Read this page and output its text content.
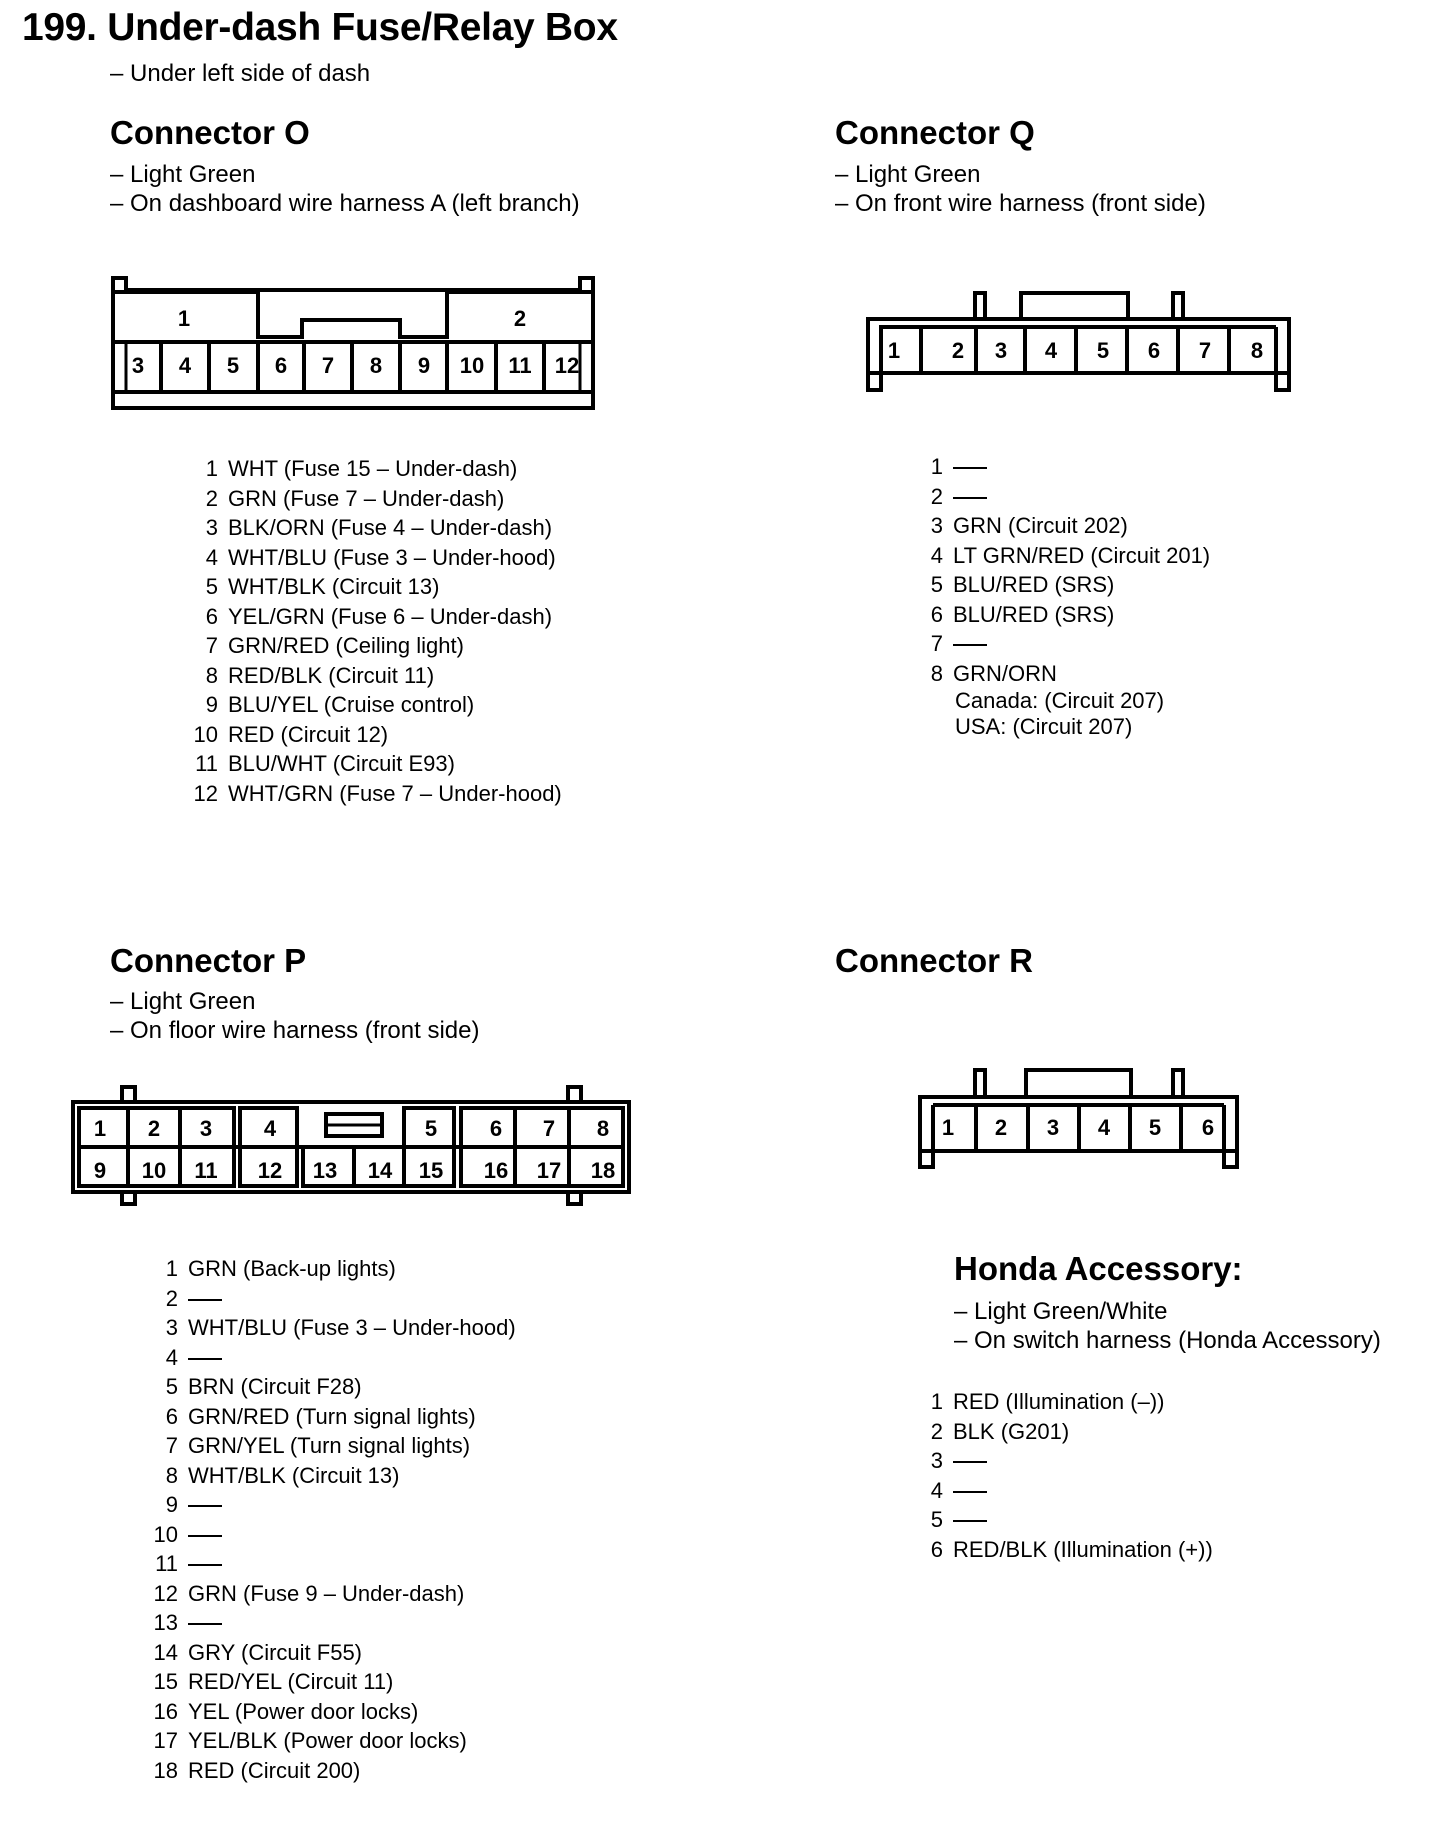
199. Under-dash Fuse/Relay Box
– Under left side of dash
Connector O
– Light Green
– On dashboard wire harness A (left branch)
1	2
3 4 5 6 7 8 9 10 11 12
1 2 3 4 5 6 7 8
1 2 3 4	5 6 7 8
9 10 11 12 13 14 15 16 17 18
1 2 3 4 5 6
1 WHT (Fuse 15 – Under-dash)
2 GRN (Fuse 7 – Under-dash)
3 BLK/ORN (Fuse 4 – Under-dash)
4 WHT/BLU (Fuse 3 – Under-hood)
5 WHT/BLK (Circuit 13)
6 YEL/GRN (Fuse 6 – Under-dash)
7 GRN/RED (Ceiling light)
8 RED/BLK (Circuit 11)
9 BLU/YEL (Cruise control)
10 RED (Circuit 12)
11 BLU/WHT (Circuit E93)
12 WHT/GRN (Fuse 7 – Under-hood)
Connector Q
– Light Green
– On front wire harness (front side)
1
2
3 GRN (Circuit 202)
4 LT GRN/RED (Circuit 201)
5 BLU/RED (SRS)
6 BLU/RED (SRS)
7
8 GRN/ORN
Canada: (Circuit 207)
USA: (Circuit 207)
Connector P
– Light Green
– On floor wire harness (front side)
1 GRN (Back-up lights)
2
3 WHT/BLU (Fuse 3 – Under-hood)
4
5 BRN (Circuit F28)
6 GRN/RED (Turn signal lights)
7 GRN/YEL (Turn signal lights)
8 WHT/BLK (Circuit 13)
9
10
11
12 GRN (Fuse 9 – Under-dash)
13
14 GRY (Circuit F55)
15 RED/YEL (Circuit 11)
16 YEL (Power door locks)
17 YEL/BLK (Power door locks)
18 RED (Circuit 200)
Connector R
Honda Accessory:
– Light Green/White
– On switch harness (Honda Accessory)
1 RED (Illumination (–))
2 BLK (G201)
3
4
5
6 RED/BLK (Illumination (+))
